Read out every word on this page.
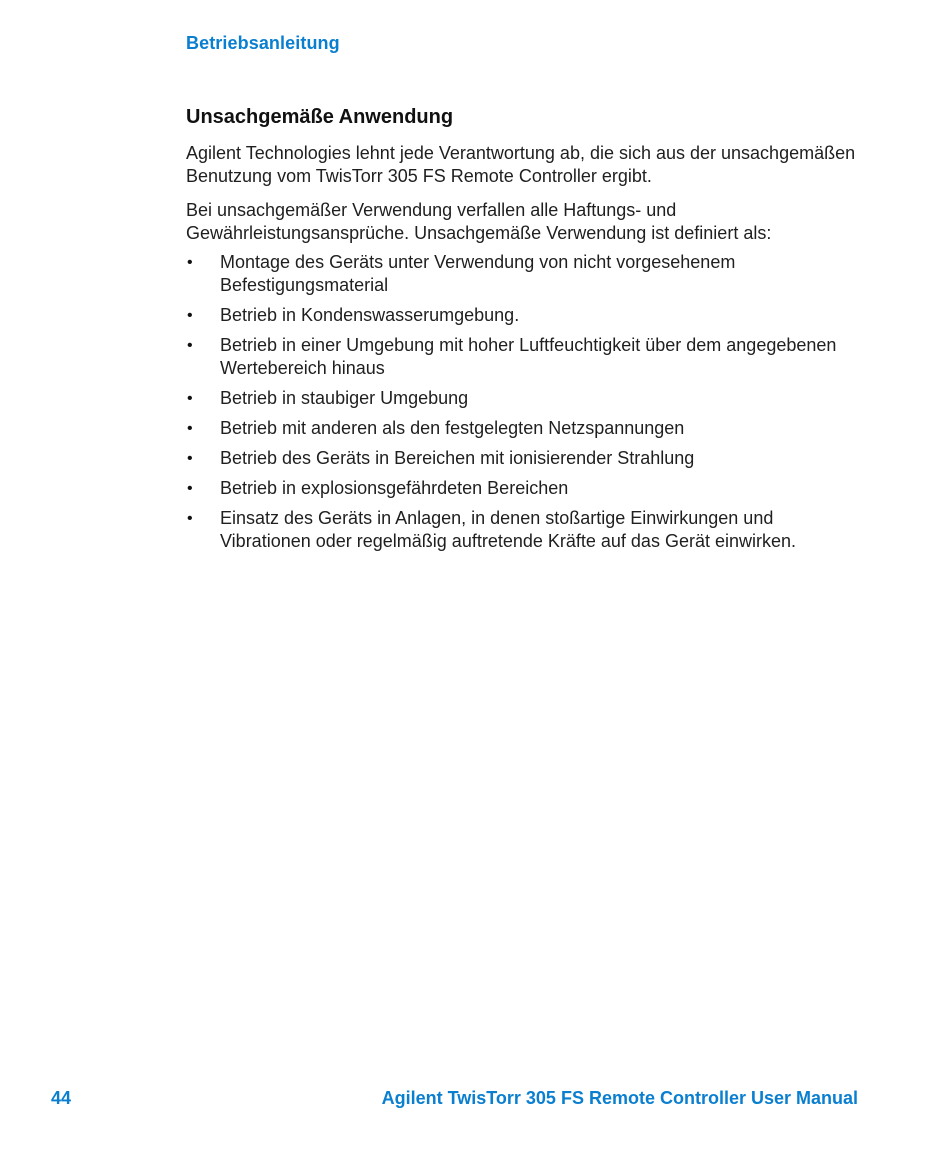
Betriebsanleitung
Unsachgemäße Anwendung

Agilent Technologies lehnt jede Verantwortung ab, die sich aus der unsachgemäßen Benutzung vom TwisTorr 305 FS Remote Controller ergibt.

Bei unsachgemäßer Verwendung verfallen alle Haftungs- und Gewährleistungsansprüche. Unsachgemäße Verwendung ist definiert als:

• Montage des Geräts unter Verwendung von nicht vorgesehenem Befestigungsmaterial
• Betrieb in Kondenswasserumgebung.
• Betrieb in einer Umgebung mit hoher Luftfeuchtigkeit über dem angegebenen Wertebereich hinaus
• Betrieb in staubiger Umgebung
• Betrieb mit anderen als den festgelegten Netzspannungen
• Betrieb des Geräts in Bereichen mit ionisierender Strahlung
• Betrieb in explosionsgefährdeten Bereichen
• Einsatz des Geräts in Anlagen, in denen stoßartige Einwirkungen und Vibrationen oder regelmäßig auftretende Kräfte auf das Gerät einwirken.
44	Agilent TwisTorr 305 FS Remote Controller User Manual
